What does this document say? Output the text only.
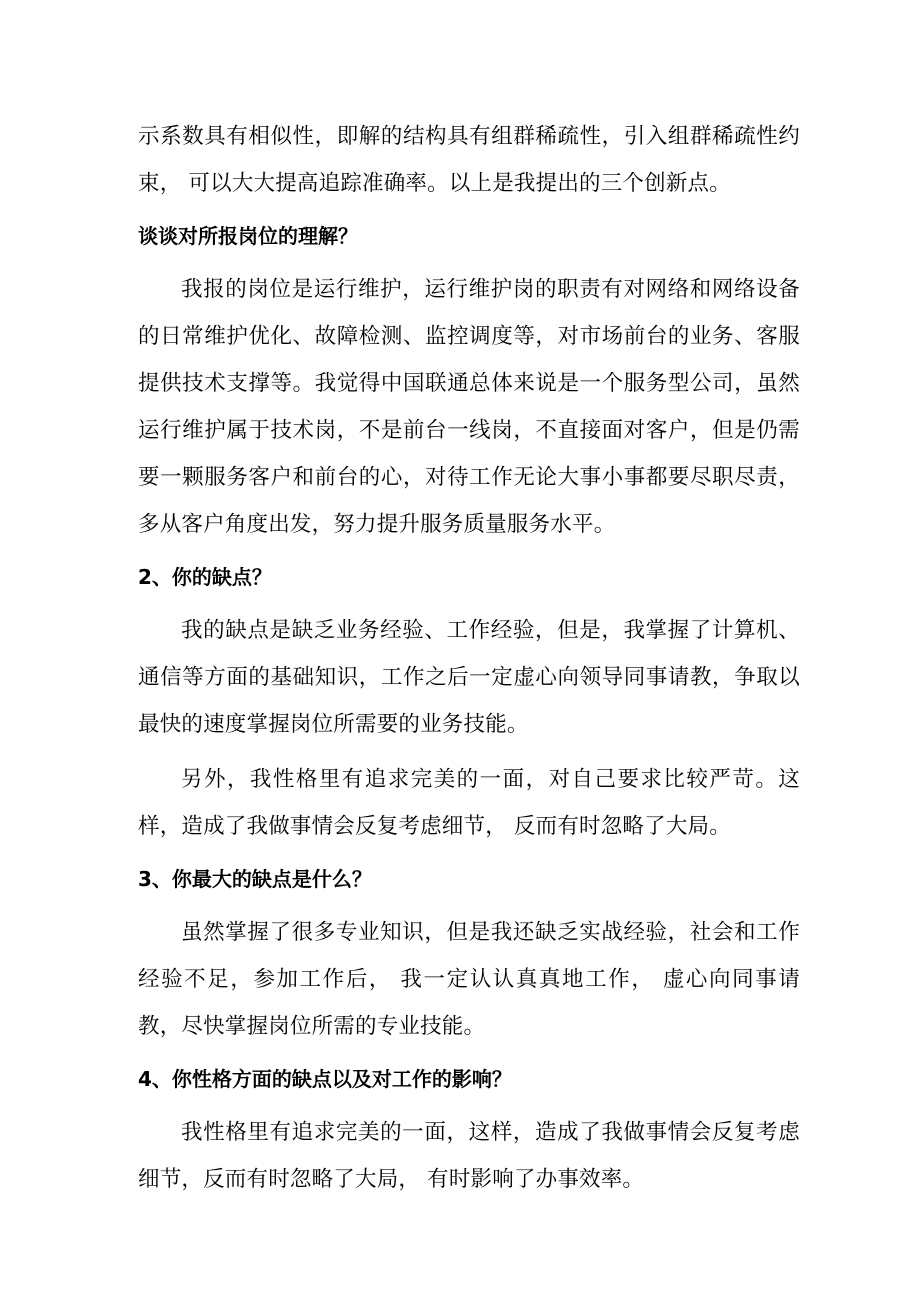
示系数具有相似性，即解的结构具有组群稀疏性，引入组群稀疏性约束， 可以大大提高追踪准确率。以上是我提出的三个创新点。

谈谈对所报岗位的理解？

我报的岗位是运行维护，运行维护岗的职责有对网络和网络设备的日常维护优化、故障检测、监控调度等，对市场前台的业务、客服提供技术支撑等。我觉得中国联通总体来说是一个服务型公司，虽然运行维护属于技术岗，不是前台一线岗，不直接面对客户，但是仍需要一颗服务客户和前台的心，对待工作无论大事小事都要尽职尽责，多从客户角度出发，努力提升服务质量服务水平。

2、你的缺点？

我的缺点是缺乏业务经验、工作经验，但是，我掌握了计算机、通信等方面的基础知识，工作之后一定虚心向领导同事请教，争取以最快的速度掌握岗位所需要的业务技能。

另外，我性格里有追求完美的一面，对自己要求比较严苛。这样，造成了我做事情会反复考虑细节， 反而有时忽略了大局。

3、你最大的缺点是什么？

虽然掌握了很多专业知识，但是我还缺乏实战经验，社会和工作经验不足，参加工作后， 我一定认认真真地工作， 虚心向同事请教，尽快掌握岗位所需的专业技能。

4、你性格方面的缺点以及对工作的影响？

我性格里有追求完美的一面，这样，造成了我做事情会反复考虑细节，反而有时忽略了大局， 有时影响了办事效率。
